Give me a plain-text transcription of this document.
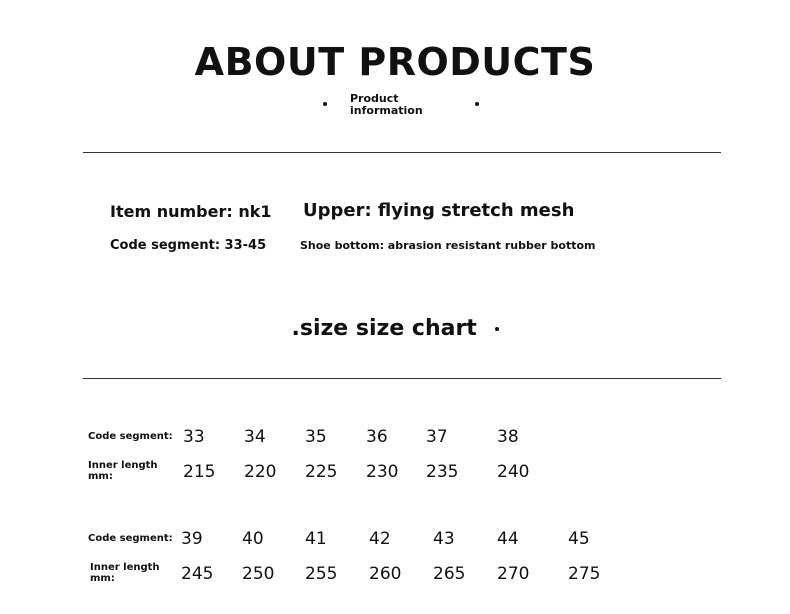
ABOUT PRODUCTS
Product
information
Item number: nk1 Upper: flying stretch mesh
Code segment: 33-45	Shoe bottom: abrasion resistant rubber bottom
.size size chart
Code segment: 33 34 35 36 37	38
Inner length
mm:	215 220 225 230 235 240
Code segment: 39 40 41 42 43 44	45
Inner length
mm:	245 250 255 260 265 270 275
